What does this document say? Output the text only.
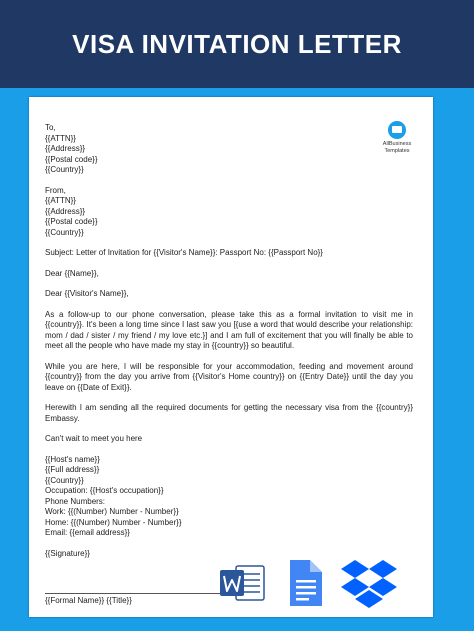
VISA INVITATION LETTER
AllBusiness
Templates

To,

{{ATTN}}

{{Address}}

{{Postal code}}

{{Country}}

From,

{{ATTN}}

{{Address}}

{{Postal code}}

{{Country}}

Subject: Letter of Invitation for {{Visitor's Name}}: Passport No: {{Passport No}}

Dear {{Name}},

Dear {{Visitor's Name}},

As a follow-up to our phone conversation, please take this as a formal invitation to visit me in {{country}}. It's been a long time since I last saw you [{use a word that would describe your relationship: mom / dad / sister / my friend / my love etc.}] and I am full of excitement that you will finally be able to meet all the people who have made my stay in {{country}} so beautiful.

While you are here, I will be responsible for your accommodation, feeding and movement around {{country}} from the day you arrive from {{Visitor's Home country}} on {{Entry Date}} until the day you leave on {{Date of Exit}}.

Herewith I am sending all the required documents for getting the necessary visa from the {{country}} Embassy.

Can't wait to meet you here

{{Host's name}}

{{Full address}}

{{Country}}

Occupation: {{Host's occupation}}

Phone Numbers:

Work: {{(Number) Number - Number}}

Home: {{(Number) Number - Number}}

Email: {{email address}}

{{Signature}}

{{Formal Name}} {{Title}}
